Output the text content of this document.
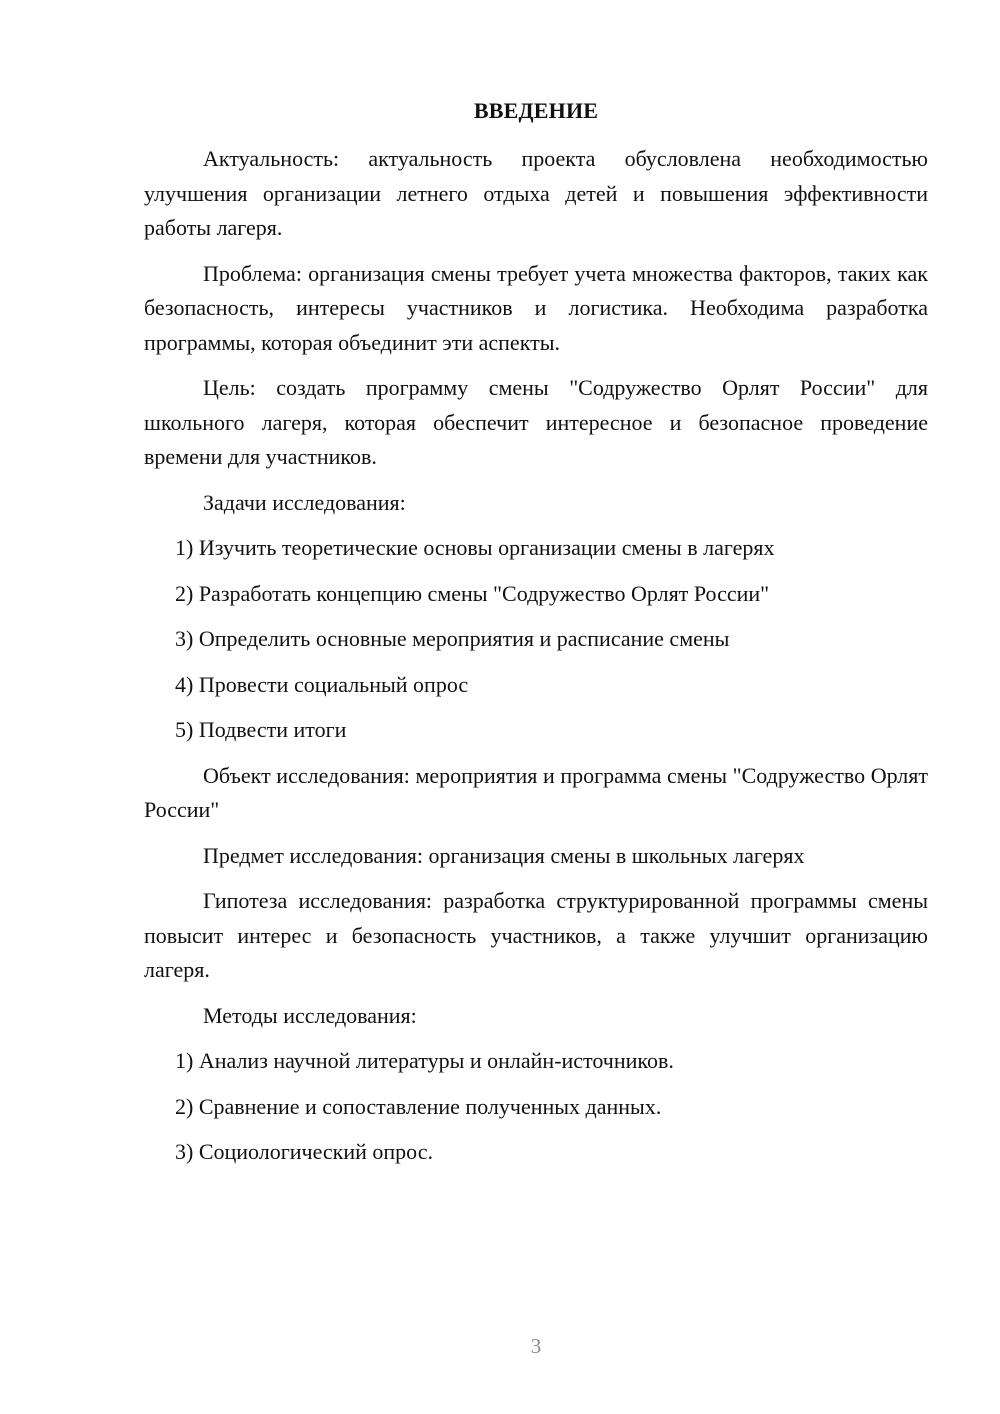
ВВЕДЕНИЕ

Актуальность: актуальность проекта обусловлена необходимостью улучшения организации летнего отдыха детей и повышения эффективности работы лагеря.

Проблема: организация смены требует учета множества факторов, таких как безопасность, интересы участников и логистика. Необходима разработка программы, которая объединит эти аспекты.

Цель: создать программу смены "Содружество Орлят России" для школьного лагеря, которая обеспечит интересное и безопасное проведение времени для участников.

Задачи исследования:

1) Изучить теоретические основы организации смены в лагерях

2) Разработать концепцию смены "Содружество Орлят России"

3) Определить основные мероприятия и расписание смены

4) Провести социальный опрос

5) Подвести итоги

Объект исследования: мероприятия и программа смены "Содружество Орлят России"

Предмет исследования: организация смены в школьных лагерях

Гипотеза исследования: разработка структурированной программы смены повысит интерес и безопасность участников, а также улучшит организацию лагеря.

Методы исследования:

1) Анализ научной литературы и онлайн-источников.

2) Сравнение и сопоставление полученных данных.

3) Социологический опрос.

3
